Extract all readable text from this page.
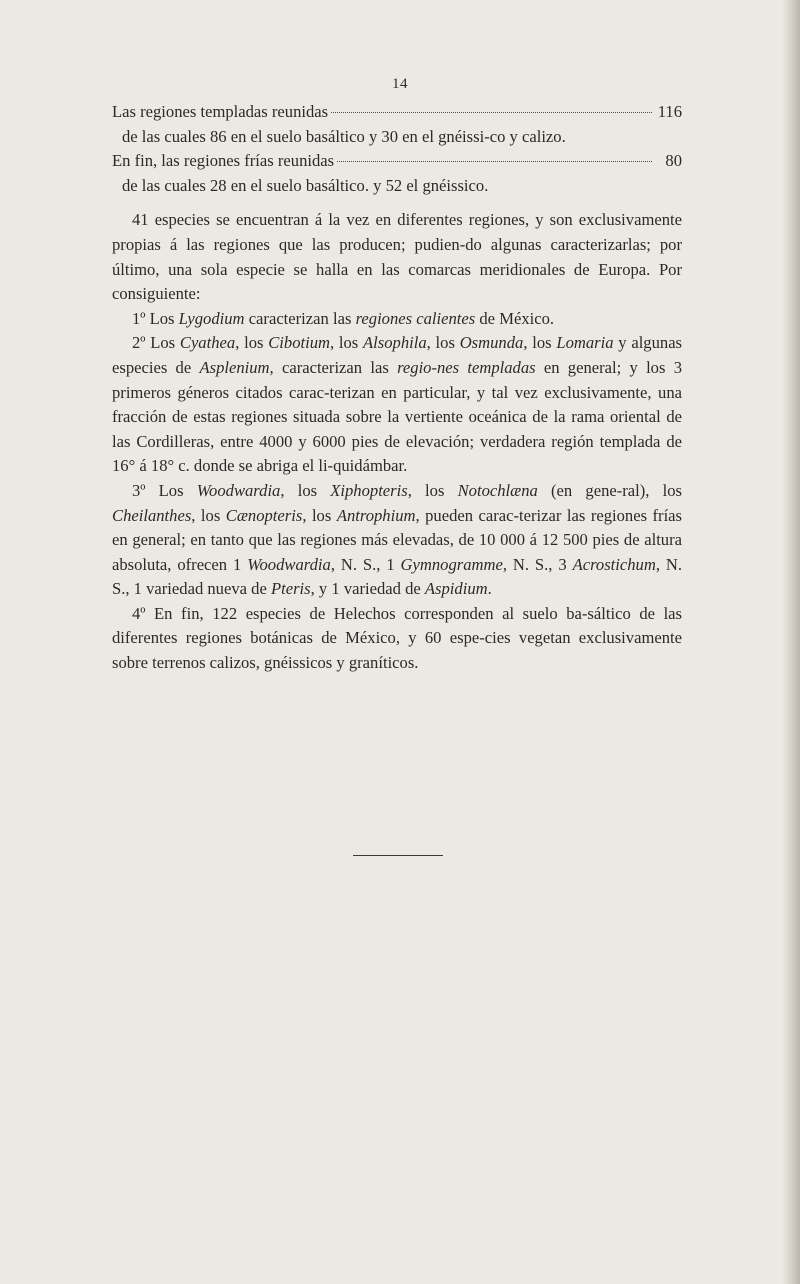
14
Las regiones templadas reunidas	116

de las cuales 86 en el suelo basáltico y 30 en el gnéissi-co y calizo.

En fin, las regiones frías reunidas	80

de las cuales 28 en el suelo basáltico. y 52 el gnéissico.

41 especies se encuentran á la vez en diferentes regiones, y son exclusivamente propias á las regiones que las producen; pudien-do algunas caracterizarlas; por último, una sola especie se halla en las comarcas meridionales de Europa. Por consiguiente:

1º Los Lygodium caracterizan las regiones calientes de México.

2º Los Cyathea, los Cibotium, los Alsophila, los Osmunda, los Lomaria y algunas especies de Asplenium, caracterizan las regio-nes templadas en general; y los 3 primeros géneros citados carac-terizan en particular, y tal vez exclusivamente, una fracción de estas regiones situada sobre la vertiente oceánica de la rama oriental de las Cordilleras, entre 4000 y 6000 pies de elevación; verdadera región templada de 16° á 18° c. donde se abriga el li-quidámbar.

3º Los Woodwardia, los Xiphopteris, los Notochlæna (en gene-ral), los Cheilanthes, los Cænopteris, los Antrophium, pueden carac-terizar las regiones frías en general; en tanto que las regiones más elevadas, de 10 000 á 12 500 pies de altura absoluta, ofrecen 1 Woodwardia, N. S., 1 Gymnogramme, N. S., 3 Acrostichum, N. S., 1 variedad nueva de Pteris, y 1 variedad de Aspidium.

4º En fin, 122 especies de Helechos corresponden al suelo ba-sáltico de las diferentes regiones botánicas de México, y 60 espe-cies vegetan exclusivamente sobre terrenos calizos, gnéissicos y graníticos.
